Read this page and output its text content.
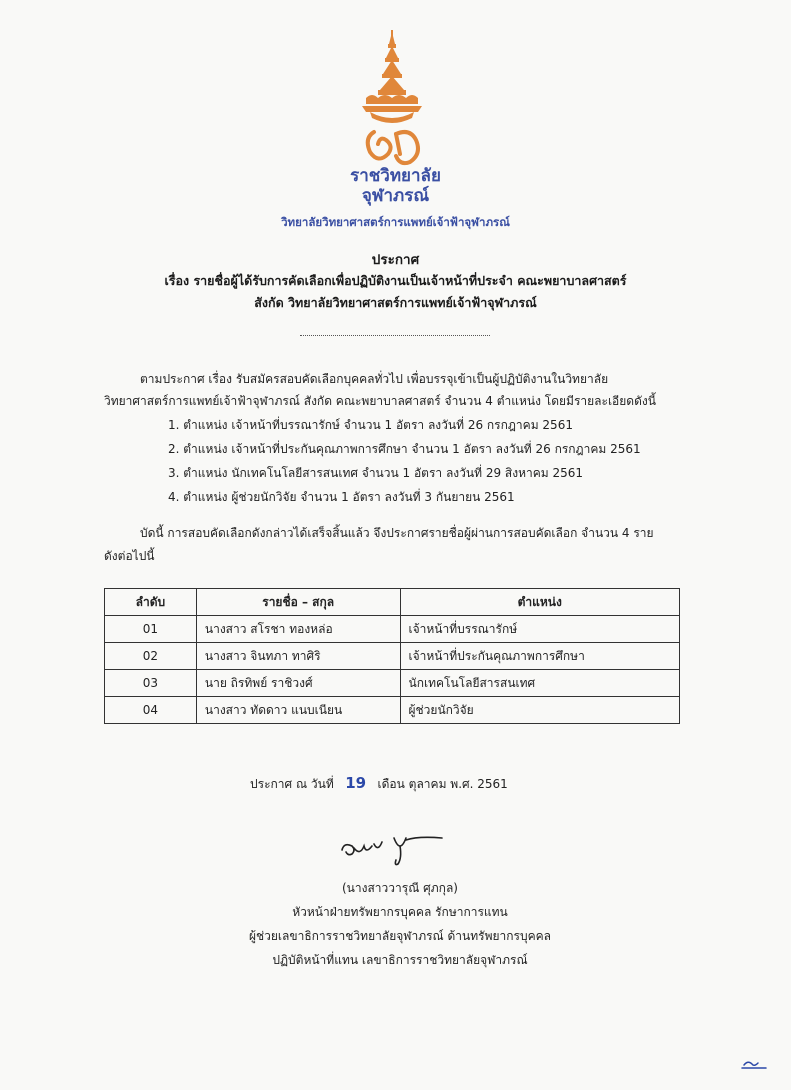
ราชวิทยาลัย
จุฬาภรณ์
วิทยาลัยวิทยาศาสตร์การแพทย์เจ้าฟ้าจุฬาภรณ์
ประกาศ
เรื่อง รายชื่อผู้ได้รับการคัดเลือกเพื่อปฏิบัติงานเป็นเจ้าหน้าที่ประจำ คณะพยาบาลศาสตร์
สังกัด วิทยาลัยวิทยาศาสตร์การแพทย์เจ้าฟ้าจุฬาภรณ์
ตามประกาศ เรื่อง รับสมัครสอบคัดเลือกบุคคลทั่วไป เพื่อบรรจุเข้าเป็นผู้ปฏิบัติงานในวิทยาลัย
วิทยาศาสตร์การแพทย์เจ้าฟ้าจุฬาภรณ์ สังกัด คณะพยาบาลศาสตร์ จำนวน 4 ตำแหน่ง โดยมีรายละเอียดดังนี้
1. ตำแหน่ง เจ้าหน้าที่บรรณารักษ์ จำนวน 1 อัตรา ลงวันที่ 26 กรกฎาคม 2561
2. ตำแหน่ง เจ้าหน้าที่ประกันคุณภาพการศึกษา จำนวน 1 อัตรา ลงวันที่ 26 กรกฎาคม 2561
3. ตำแหน่ง นักเทคโนโลยีสารสนเทศ จำนวน 1 อัตรา ลงวันที่ 29 สิงหาคม 2561
4. ตำแหน่ง ผู้ช่วยนักวิจัย จำนวน 1 อัตรา ลงวันที่ 3 กันยายน 2561
บัดนี้ การสอบคัดเลือกดังกล่าวได้เสร็จสิ้นแล้ว จึงประกาศรายชื่อผู้ผ่านการสอบคัดเลือก จำนวน 4 ราย
ดังต่อไปนี้
ลำดับ	รายชื่อ – สกุล	ตำแหน่ง
01	นางสาว สโรชา ทองหล่อ	เจ้าหน้าที่บรรณารักษ์
02	นางสาว จินทภา ทาศิริ	เจ้าหน้าที่ประกันคุณภาพการศึกษา
03	นาย ถิรทิพย์ ราชิวงศ์	นักเทคโนโลยีสารสนเทศ
04	นางสาว ทัดดาว แนบเนียน	ผู้ช่วยนักวิจัย
ประกาศ ณ วันที่ 19 เดือน ตุลาคม พ.ศ. 2561
(นางสาววารุณี ศุภกุล)
หัวหน้าฝ่ายทรัพยากรบุคคล รักษาการแทน
ผู้ช่วยเลขาธิการราชวิทยาลัยจุฬาภรณ์ ด้านทรัพยากรบุคคล
ปฏิบัติหน้าที่แทน เลขาธิการราชวิทยาลัยจุฬาภรณ์
